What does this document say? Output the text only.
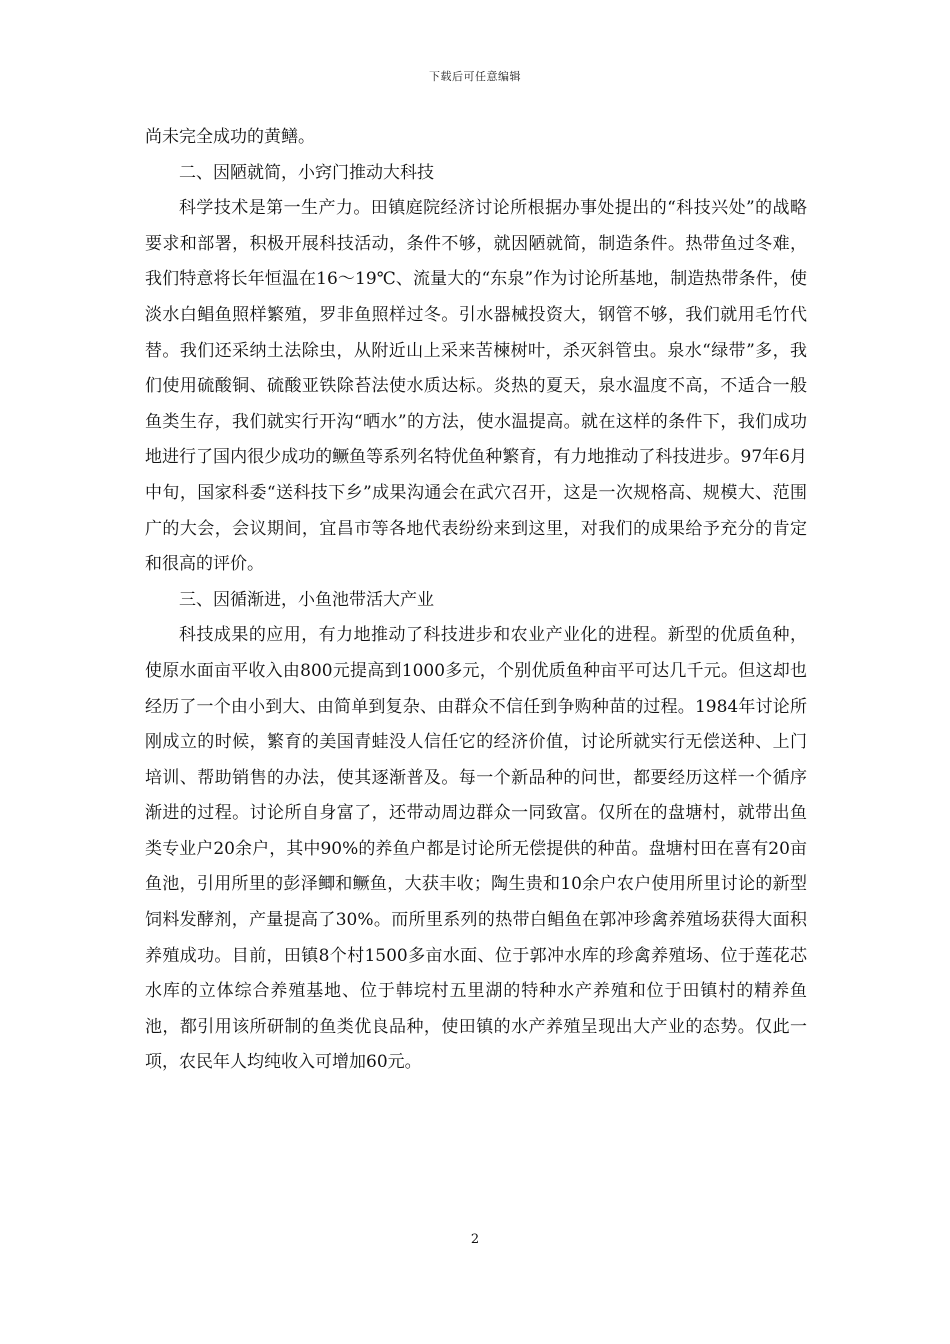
下载后可任意编辑

尚未完全成功的黄鳝。

二、因陋就简，小窍门推动大科技

科学技术是第一生产力。田镇庭院经济讨论所根据办事处提出的“科技兴处”的战略要求和部署，积极开展科技活动，条件不够，就因陋就简，制造条件。热带鱼过冬难，我们特意将长年恒温在16～19℃、流量大的“东泉”作为讨论所基地，制造热带条件，使淡水白鲳鱼照样繁殖，罗非鱼照样过冬。引水器械投资大，钢管不够，我们就用毛竹代替。我们还采纳土法除虫，从附近山上采来苦楝树叶，杀灭斜管虫。泉水“绿带”多，我们使用硫酸铜、硫酸亚铁除苔法使水质达标。炎热的夏天，泉水温度不高，不适合一般鱼类生存，我们就实行开沟“晒水”的方法，使水温提高。就在这样的条件下，我们成功地进行了国内很少成功的鳜鱼等系列名特优鱼种繁育，有力地推动了科技进步。97年6月中旬，国家科委“送科技下乡”成果沟通会在武穴召开，这是一次规格高、规模大、范围广的大会，会议期间，宜昌市等各地代表纷纷来到这里，对我们的成果给予充分的肯定和很高的评价。

三、因循渐进，小鱼池带活大产业

科技成果的应用，有力地推动了科技进步和农业产业化的进程。新型的优质鱼种，使原水面亩平收入由800元提高到1000多元，个别优质鱼种亩平可达几千元。但这却也经历了一个由小到大、由简单到复杂、由群众不信任到争购种苗的过程。1984年讨论所刚成立的时候，繁育的美国青蛙没人信任它的经济价值，讨论所就实行无偿送种、上门培训、帮助销售的办法，使其逐渐普及。每一个新品种的问世，都要经历这样一个循序渐进的过程。讨论所自身富了，还带动周边群众一同致富。仅所在的盘塘村，就带出鱼类专业户20余户，其中90%的养鱼户都是讨论所无偿提供的种苗。盘塘村田在喜有20亩鱼池，引用所里的彭泽鲫和鳜鱼，大获丰收；陶生贵和10余户农户使用所里讨论的新型饲料发酵剂，产量提高了30%。而所里系列的热带白鲳鱼在郭冲珍禽养殖场获得大面积养殖成功。目前，田镇8个村1500多亩水面、位于郭冲水库的珍禽养殖场、位于莲花芯水库的立体综合养殖基地、位于韩垸村五里湖的特种水产养殖和位于田镇村的精养鱼池，都引用该所研制的鱼类优良品种，使田镇的水产养殖呈现出大产业的态势。仅此一项，农民年人均纯收入可增加60元。

2
